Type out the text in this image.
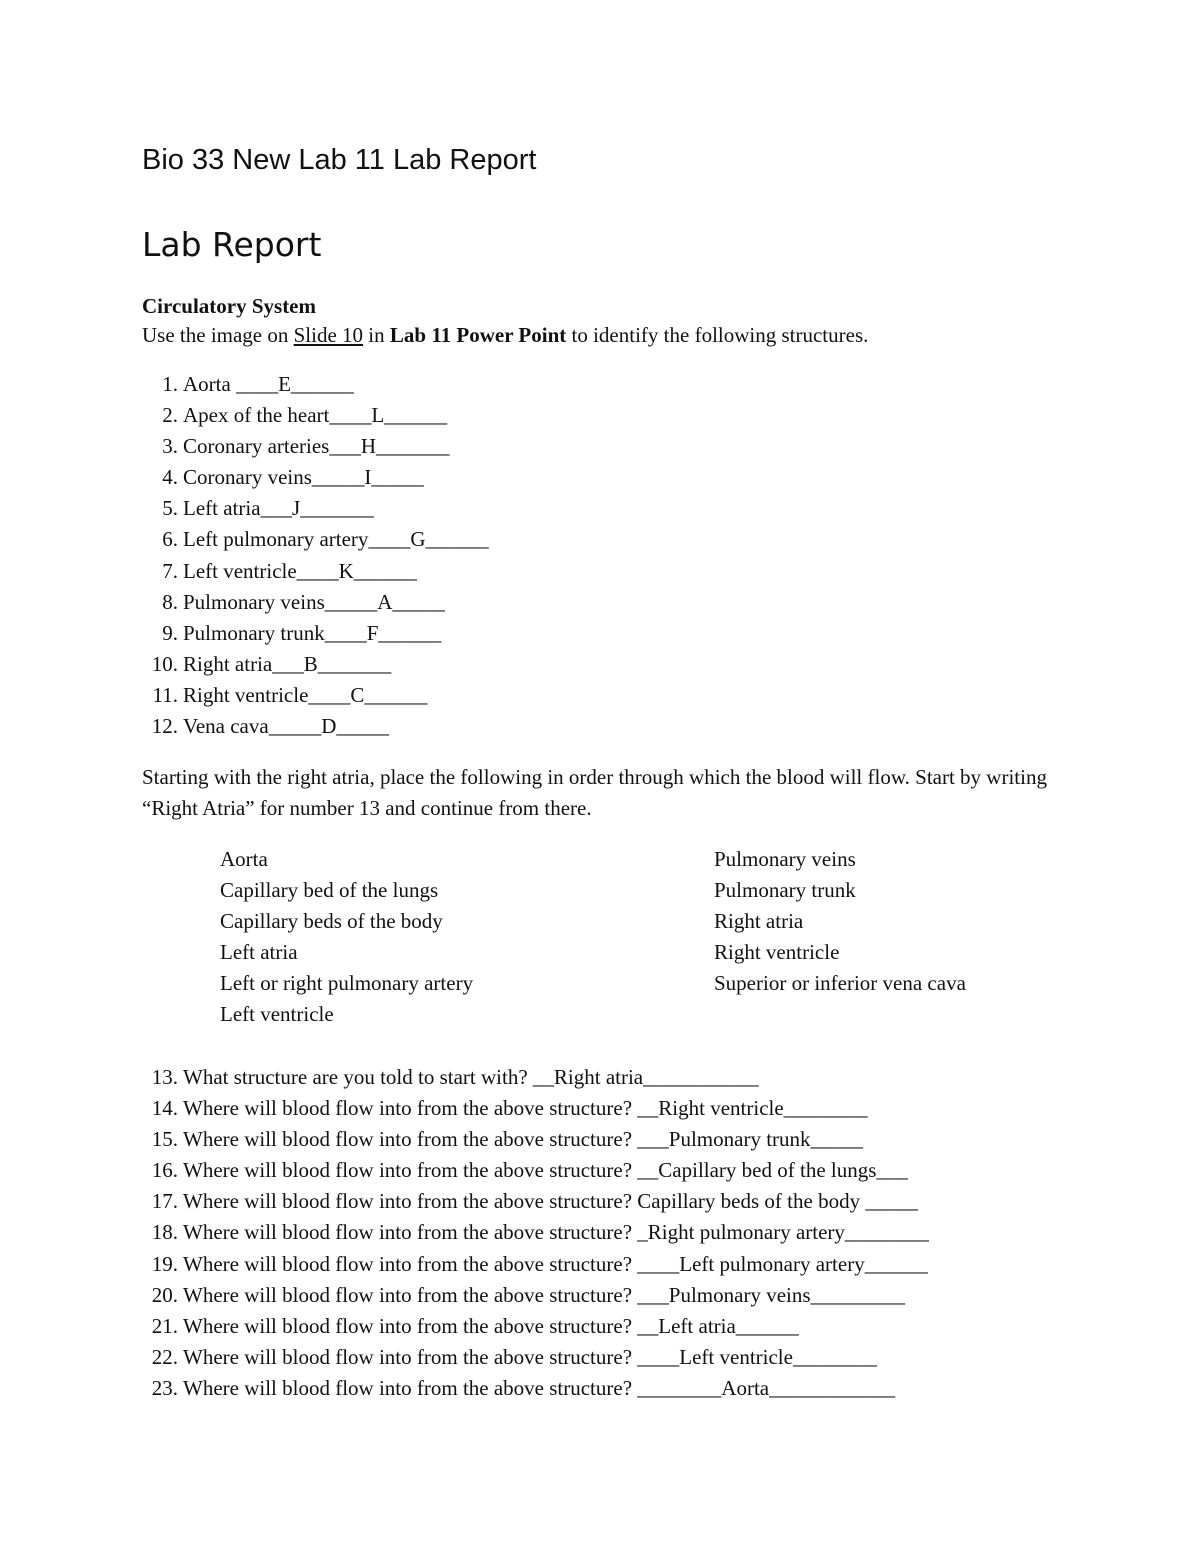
Bio 33 New Lab 11 Lab Report
Lab Report
Circulatory System
Use the image on Slide 10 in Lab 11 Power Point to identify the following structures.
1. Aorta ____E______
2. Apex of the heart____L______
3. Coronary arteries___H_______
4. Coronary veins_____I_____
5. Left atria___J_______
6. Left pulmonary artery____G______
7. Left ventricle____K______
8. Pulmonary veins_____A_____
9. Pulmonary trunk____F______
10. Right atria___B_______
11. Right ventricle____C______
12. Vena cava_____D_____
Starting with the right atria, place the following in order through which the blood will flow. Start by writing “Right Atria” for number 13 and continue from there.
Aorta
Capillary bed of the lungs
Capillary beds of the body
Left atria
Left or right pulmonary artery
Left ventricle
Pulmonary veins
Pulmonary trunk
Right atria
Right ventricle
Superior or inferior vena cava
13. What structure are you told to start with? __Right atria___________
14. Where will blood flow into from the above structure? __Right ventricle________
15. Where will blood flow into from the above structure? ___Pulmonary trunk_____
16. Where will blood flow into from the above structure? __Capillary bed of the lungs___
17. Where will blood flow into from the above structure? Capillary beds of the body _____
18. Where will blood flow into from the above structure? _Right pulmonary artery________
19. Where will blood flow into from the above structure? ____Left pulmonary artery______
20. Where will blood flow into from the above structure? ___Pulmonary veins_________
21. Where will blood flow into from the above structure? __Left atria______
22. Where will blood flow into from the above structure? ____Left ventricle________
23. Where will blood flow into from the above structure? ________Aorta____________
